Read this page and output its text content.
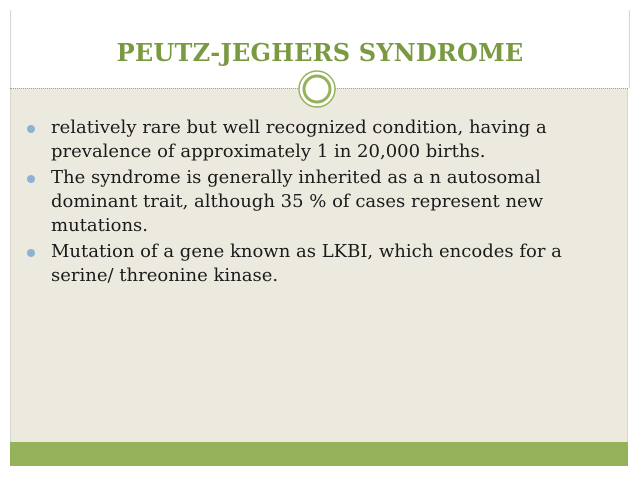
PEUTZ-JEGHERS SYNDROME
relatively rare but well recognized condition, having a prevalence of approximately 1 in 20,000 births.
The syndrome is generally inherited as a n autosomal dominant trait, although 35 % of cases represent new mutations.
Mutation of a gene known as LKBI, which encodes for a serine/ threonine kinase.
